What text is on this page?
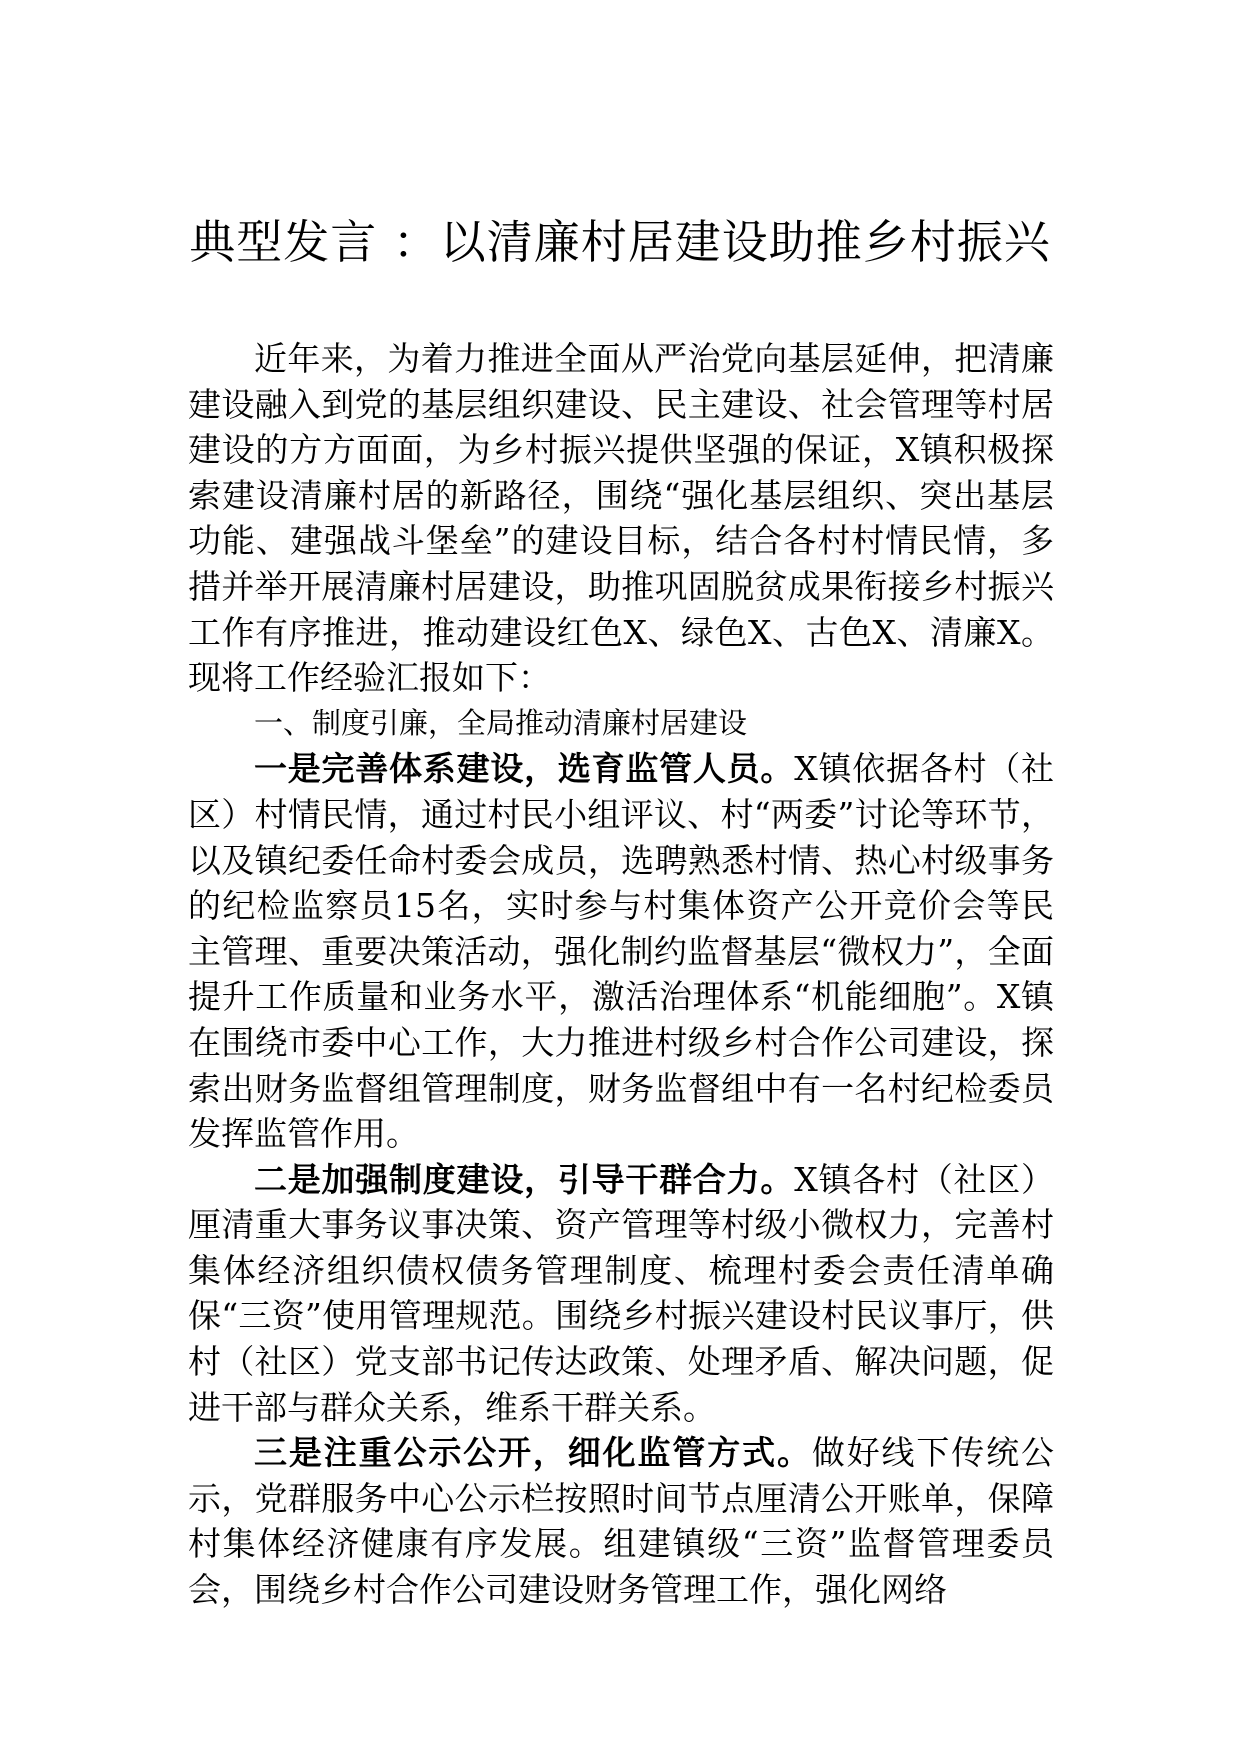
典型发言 ：以清廉村居建设助推乡村振兴

近年来，为着力推进全面从严治党向基层延伸，把清廉建设融入到党的基层组织建设、民主建设、社会管理等村居建设的方方面面，为乡村振兴提供坚强的保证，X镇积极探索建设清廉村居的新路径，围绕“强化基层组织、突出基层功能、建强战斗堡垒”的建设目标，结合各村村情民情，多措并举开展清廉村居建设，助推巩固脱贫成果衔接乡村振兴工作有序推进，推动建设红色X、绿色X、古色X、清廉X。现将工作经验汇报如下：

一、制度引廉，全局推动清廉村居建设

一是完善体系建设，选育监管人员。X镇依据各村（社区）村情民情，通过村民小组评议、村“两委”讨论等环节，以及镇纪委任命村委会成员，选聘熟悉村情、热心村级事务的纪检监察员15名，实时参与村集体资产公开竞价会等民主管理、重要决策活动，强化制约监督基层“微权力”，全面提升工作质量和业务水平，激活治理体系“机能细胞”。X镇在围绕市委中心工作，大力推进村级乡村合作公司建设，探索出财务监督组管理制度，财务监督组中有一名村纪检委员发挥监管作用。

二是加强制度建设，引导干群合力。X镇各村（社区）厘清重大事务议事决策、资产管理等村级小微权力，完善村集体经济组织债权债务管理制度、梳理村委会责任清单确保“三资”使用管理规范。围绕乡村振兴建设村民议事厅，供村（社区）党支部书记传达政策、处理矛盾、解决问题，促进干部与群众关系，维系干群关系。

三是注重公示公开，细化监管方式。做好线下传统公示，党群服务中心公示栏按照时间节点厘清公开账单，保障村集体经济健康有序发展。组建镇级“三资”监督管理委员会，围绕乡村合作公司建设财务管理工作，强化网络
